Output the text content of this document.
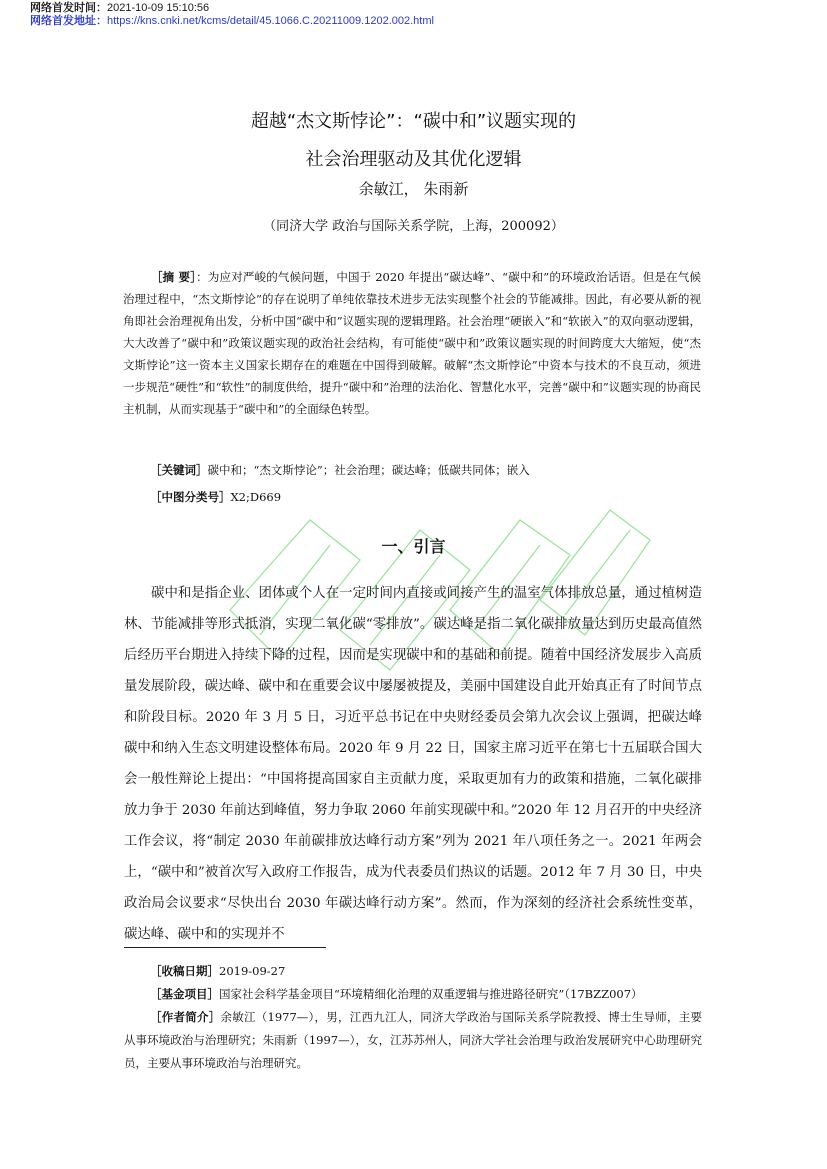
网络首发时间：2021-10-09 15:10:56
网络首发地址：https://kns.cnki.net/kcms/detail/45.1066.C.20211009.1202.002.html
超越“杰文斯悖论”：“碳中和”议题实现的
社会治理驱动及其优化逻辑
余敏江， 朱雨新
（同济大学 政治与国际关系学院，上海，200092）
［摘 要］：为应对严峻的气候问题，中国于 2020 年提出“碳达峰”、“碳中和”的环境政治话语。但是在气候治理过程中，“杰文斯悖论”的存在说明了单纯依靠技术进步无法实现整个社会的节能减排。因此，有必要从新的视角即社会治理视角出发，分析中国“碳中和”议题实现的逻辑理路。社会治理“硬嵌入”和“软嵌入”的双向驱动逻辑，大大改善了“碳中和”政策议题实现的政治社会结构，有可能使“碳中和”政策议题实现的时间跨度大大缩短，使“杰文斯悖论”这一资本主义国家长期存在的难题在中国得到破解。破解“杰文斯悖论”中资本与技术的不良互动，须进一步规范“硬性”和“软性”的制度供给，提升“碳中和”治理的法治化、智慧化水平，完善“碳中和”议题实现的协商民主机制，从而实现基于“碳中和”的全面绿色转型。
［关键词］碳中和；“杰文斯悖论”；社会治理；碳达峰；低碳共同体；嵌入
［中图分类号］X2;D669
一、引言

碳中和是指企业、团体或个人在一定时间内直接或间接产生的温室气体排放总量，通过植树造林、节能减排等形式抵消，实现二氧化碳“零排放”。碳达峰是指二氧化碳排放量达到历史最高值然后经历平台期进入持续下降的过程，因而是实现碳中和的基础和前提。随着中国经济发展步入高质量发展阶段，碳达峰、碳中和在重要会议中屡屡被提及，美丽中国建设自此开始真正有了时间节点和阶段目标。2020 年 3 月 5 日，习近平总书记在中央财经委员会第九次会议上强调，把碳达峰碳中和纳入生态文明建设整体布局。2020 年 9 月 22 日，国家主席习近平在第七十五届联合国大会一般性辩论上提出：“中国将提高国家自主贡献力度，采取更加有力的政策和措施，二氧化碳排放力争于 2030 年前达到峰值，努力争取 2060 年前实现碳中和。”2020 年 12 月召开的中央经济工作会议，将“制定 2030 年前碳排放达峰行动方案”列为 2021 年八项任务之一。2021 年两会上，“碳中和”被首次写入政府工作报告，成为代表委员们热议的话题。2012 年 7 月 30 日，中央政治局会议要求“尽快出台 2030 年碳达峰行动方案”。然而，作为深刻的经济社会系统性变革，碳达峰、碳中和的实现并不

［收稿日期］2019-09-27
［基金项目］国家社会科学基金项目“环境精细化治理的双重逻辑与推进路径研究”（17BZZ007）
［作者简介］余敏江（1977—），男，江西九江人，同济大学政治与国际关系学院教授、博士生导师，主要从事环境政治与治理研究；朱雨新（1997—），女，江苏苏州人，同济大学社会治理与政治发展研究中心助理研究员，主要从事环境政治与治理研究。
